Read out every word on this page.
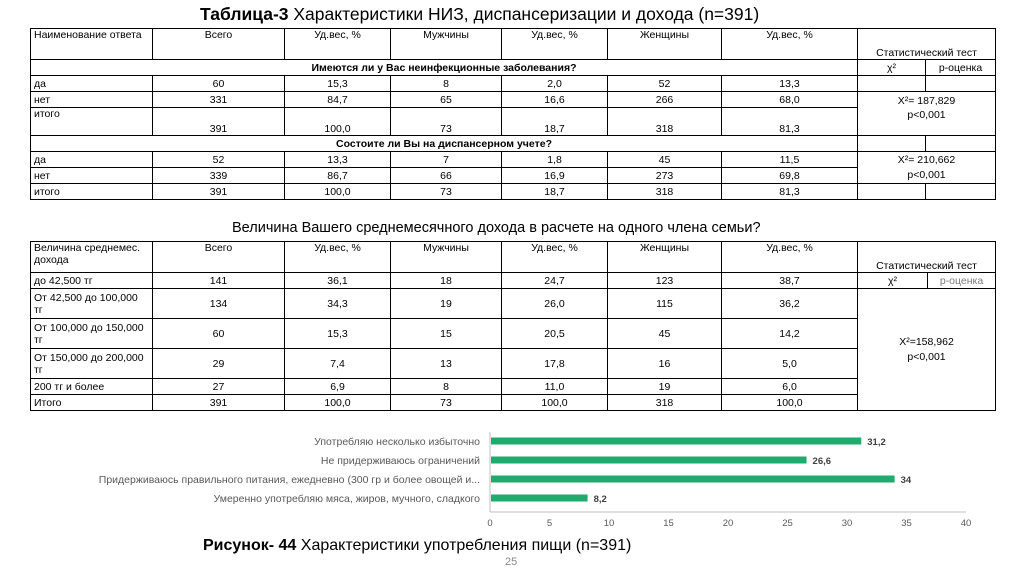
Таблица-3 Характеристики НИЗ, диспансеризации и дохода (n=391)
Наименование ответа	Всего	Уд.вес, %	Мужчины	Уд.вес, %	Женщины	Уд.вес, %	Статистический тест	
Имеются ли у Вас неинфекционные заболевания?							χ²	р-оценка
да	60	15,3	8	2,0	52	13,3		
нет	331	84,7	65	16,6	266	68,0	Χ²= 187,829
p<0,001	

итого	391	100,0	73	18,7	318	81,3		
Состоите ли Вы на диспансерном учете?								
да	52	13,3	7	1,8	45	11,5	Χ²= 210,662
p<0,001	

нет	339	86,7	66	16,9	273	69,8		
итого	391	100,0	73	18,7	318	81,3		
Величина Вашего среднемесячного дохода в расчете на одного члена семьи?
Величина среднемес. дохода	Всего	Уд.вес, %	Мужчины	Уд.вес, %	Женщины	Уд.вес, %	Статистический тест	
до 42,500 тг	141	36,1	18	24,7	123	38,7	χ²	р-оценка
От 42,500 до 100,000 тг	134	34,3	19	26,0	115	36,2	Χ²=158,962
p<0,001	

От 100,000 до 150,000 тг	60	15,3	15	20,5	45	14,2		
От 150,000 до 200,000 тг	29	7,4	13	17,8	16	5,0		
200 тг и более	27	6,9	8	11,0	19	6,0		
Итого	391	100,0	73	100,0	318	100,0		
Употребляю несколько избыточно	31,2
Не придерживаюсь ограничений	26,6
Придерживаюсь правильного питания, ежедневно (300 гр и более овощей и...	34
Умеренно употребляю мяса, жиров, мучного, сладкого	8,2
0	5	10	15	20	25	30	35	40
Рисунок- 44 Характеристики употребления пищи (n=391)
25
